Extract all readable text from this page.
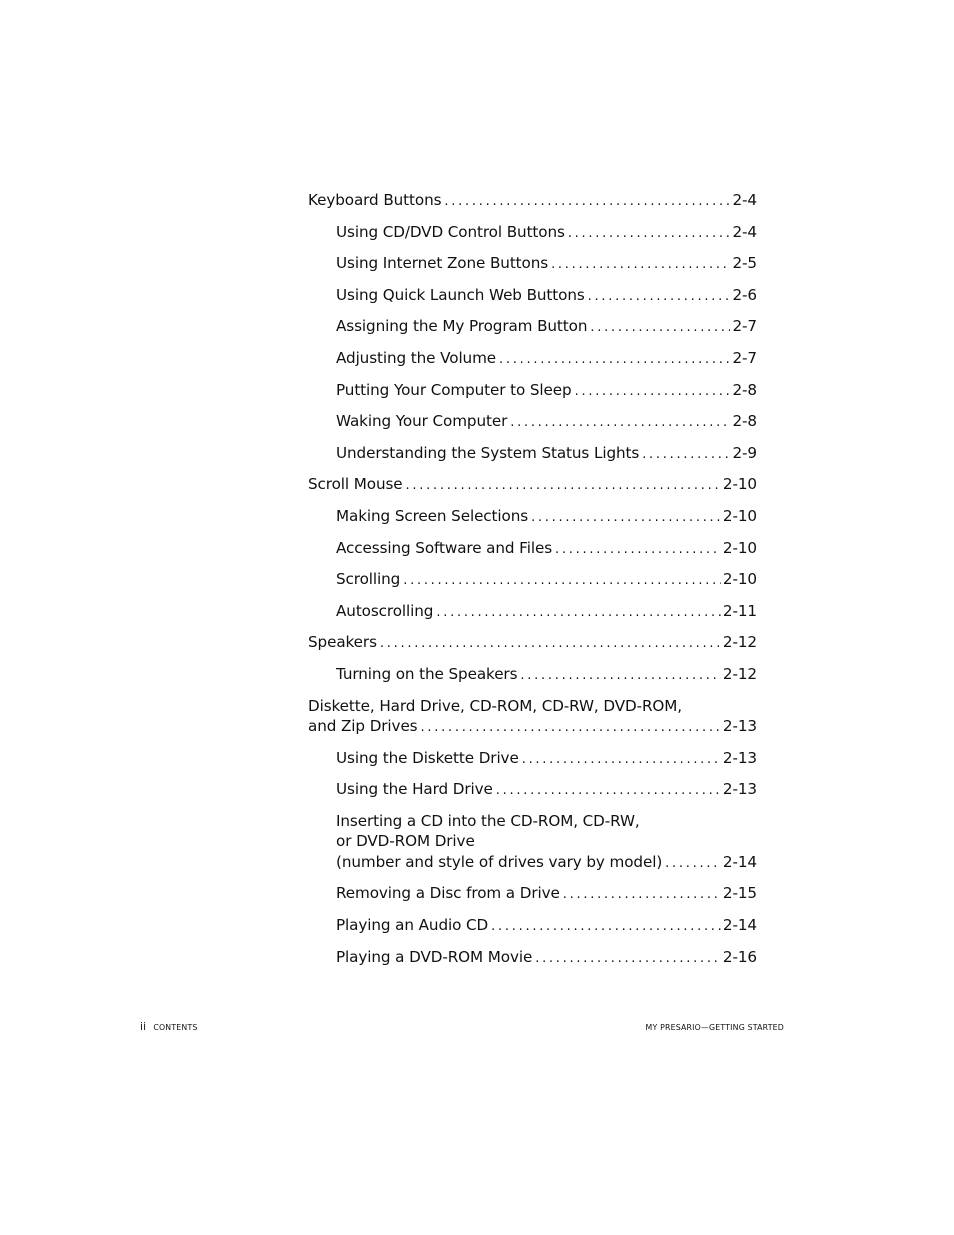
Keyboard Buttons . . .	2-4
Using CD/DVD Control Buttons . . .	2-4
Using Internet Zone Buttons . . .	2-5
Using Quick Launch Web Buttons . . .	2-6
Assigning the My Program Button . . .	2-7
Adjusting the Volume . . .	2-7
Putting Your Computer to Sleep . . .	2-8
Waking Your Computer . . .	2-8
Understanding the System Status Lights . . .	2-9
Scroll Mouse . . .	2-10
Making Screen Selections . . .	2-10
Accessing Software and Files . . .	2-10
Scrolling . . .	2-10
Autoscrolling . . .	2-11
Speakers . . .	2-12
Turning on the Speakers . . .	2-12
Diskette, Hard Drive, CD-ROM, CD-RW, DVD-ROM,
and Zip Drives . . .	2-13
Using the Diskette Drive . . .	2-13
Using the Hard Drive . . .	2-13
Inserting a CD into the CD-ROM, CD-RW,
or DVD-ROM Drive
(number and style of drives vary by model) . . .	2-14
Removing a Disc from a Drive . . .	2-15
Playing an Audio CD . . .	2-14
Playing a DVD-ROM Movie . . .	2-16
ii CONTENTS	MY PRESARIO—GETTING STARTED
